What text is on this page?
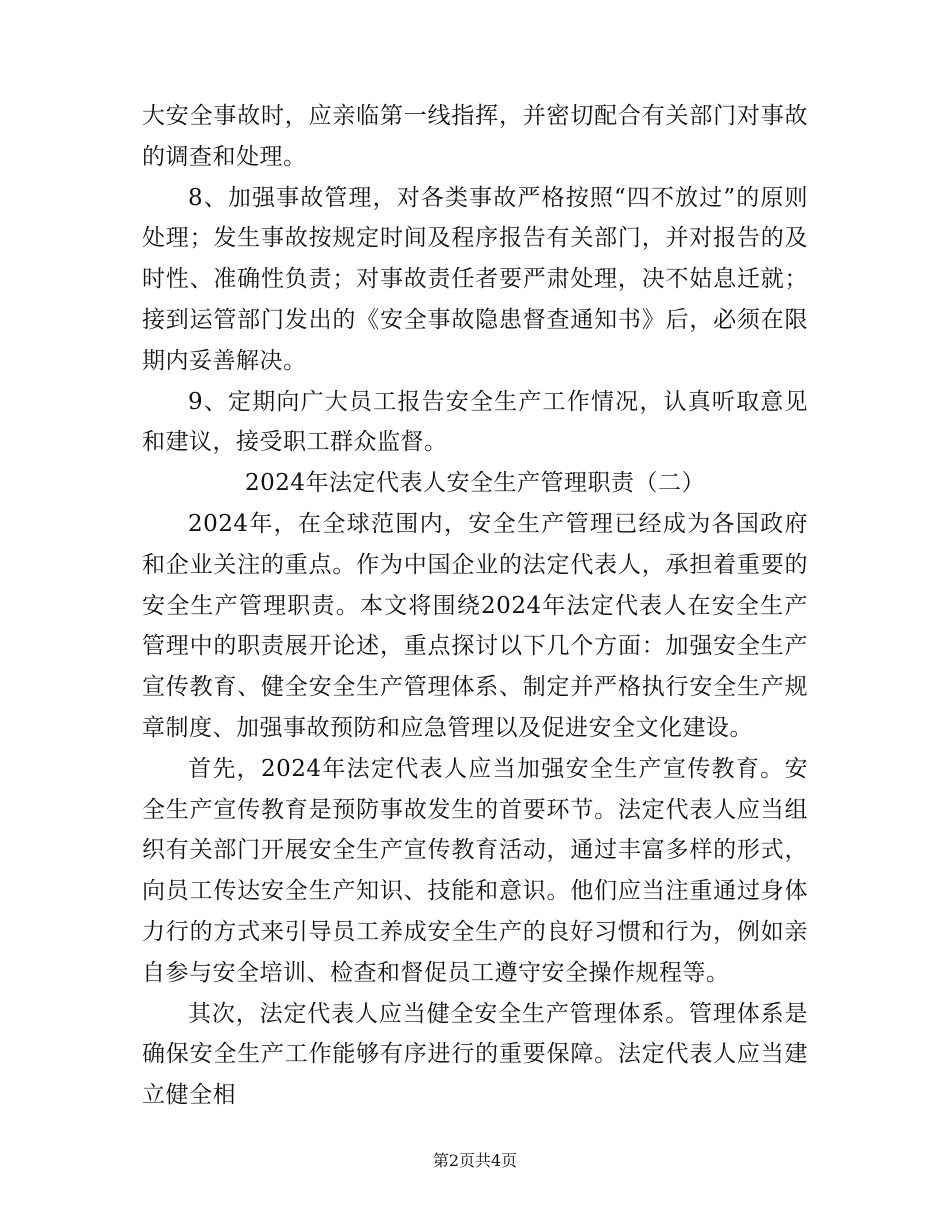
大安全事故时，应亲临第一线指挥，并密切配合有关部门对事故的调查和处理。

8、加强事故管理，对各类事故严格按照“四不放过”的原则处理；发生事故按规定时间及程序报告有关部门，并对报告的及时性、准确性负责；对事故责任者要严肃处理，决不姑息迁就；接到运管部门发出的《安全事故隐患督查通知书》后，必须在限期内妥善解决。

9、定期向广大员工报告安全生产工作情况，认真听取意见和建议，接受职工群众监督。

2024年法定代表人安全生产管理职责（二）

2024年，在全球范围内，安全生产管理已经成为各国政府和企业关注的重点。作为中国企业的法定代表人，承担着重要的安全生产管理职责。本文将围绕2024年法定代表人在安全生产管理中的职责展开论述，重点探讨以下几个方面：加强安全生产宣传教育、健全安全生产管理体系、制定并严格执行安全生产规章制度、加强事故预防和应急管理以及促进安全文化建设。

首先，2024年法定代表人应当加强安全生产宣传教育。安全生产宣传教育是预防事故发生的首要环节。法定代表人应当组织有关部门开展安全生产宣传教育活动，通过丰富多样的形式，向员工传达安全生产知识、技能和意识。他们应当注重通过身体力行的方式来引导员工养成安全生产的良好习惯和行为，例如亲自参与安全培训、检查和督促员工遵守安全操作规程等。

其次，法定代表人应当健全安全生产管理体系。管理体系是确保安全生产工作能够有序进行的重要保障。法定代表人应当建立健全相

第2页共4页
